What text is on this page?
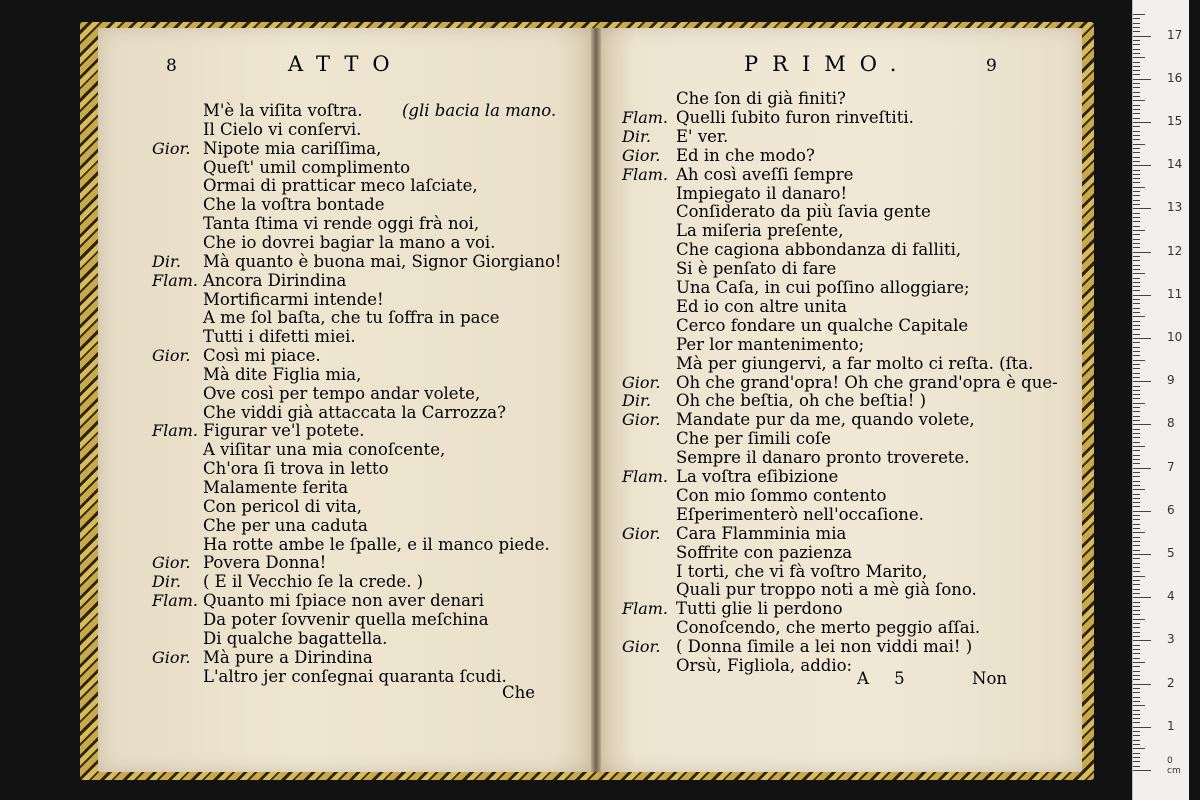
8	ATTO	9
PRIMO.
M'è la viſita voſtra. (gli bacia la mano.
Il Cielo vi conſervi.
Gior. Nipote mia cariſſima,
Queſt' umil complimento
Ormai di pratticar meco laſciate,
Che la voſtra bontade
Tanta ſtima vi rende oggi frà noi,
Che io dovrei bagiar la mano a voi.
Dir. Mà quanto è buona mai, Signor Giorgiano!
Flam. Ancora Dirindina
Mortificarmi intende!
A me ſol baſta, che tu ſoffra in pace
Tutti i difetti miei.
Gior. Così mi piace.
Mà dite Figlia mia,
Ove così per tempo andar volete,
Che viddi già attaccata la Carrozza?
Flam. Figurar ve'l potete.
A viſitar una mia conoſcente,
Ch'ora ſi trova in letto
Malamente ferita
Con pericol di vita,
Che per una caduta
Ha rotte ambe le ſpalle, e il manco piede.
Gior. Povera Donna!
Dir. ( E il Vecchio ſe la crede. )
Flam. Quanto mi ſpiace non aver denari
Da poter ſovvenir quella meſchina
Di qualche bagattella.
Gior. Mà pure a Dirindina
L'altro jer conſegnai quaranta ſcudi.
Che ſon di già finiti?
Flam. Quelli ſubito furon rinveſtiti.
Dir. E' ver.
Gior. Ed in che modo?
Flam. Ah così aveſſi ſempre
Impiegato il danaro!
Conſiderato da più ſavia gente
La miſeria preſente,
Che cagiona abbondanza di falliti,
Si è penſato di fare
Una Caſa, in cui poſſino alloggiare;
Ed io con altre unita
Cerco fondare un qualche Capitale
Per lor mantenimento;
Mà per giungervi, a far molto ci reſta. (ſta.
Gior. Oh che grand'opra! Oh che grand'opra è que-
Dir. Oh che beſtia, oh che beſtia! )
Gior. Mandate pur da me, quando volete,
Che per ſimili coſe
Sempre il danaro pronto troverete.
Flam. La voſtra eſibizione
Con mio ſommo contento
Eſperimenterò nell'occaſione.
Gior. Cara Flamminia mia
Soffrite con pazienza
I torti, che vi fà voſtro Marito,
Quali pur troppo noti a mè già ſono.
Flam. Tutti glie li perdono
Conoſcendo, che merto peggio aſſai.
Gior. ( Donna ſimile a lei non viddi mai! )
Orsù, Figliola, addio:
Che
A 5	Non
0 cm
1
2
3
4
5
6
7
8
9
10
11
12
13
14
15
16
17
